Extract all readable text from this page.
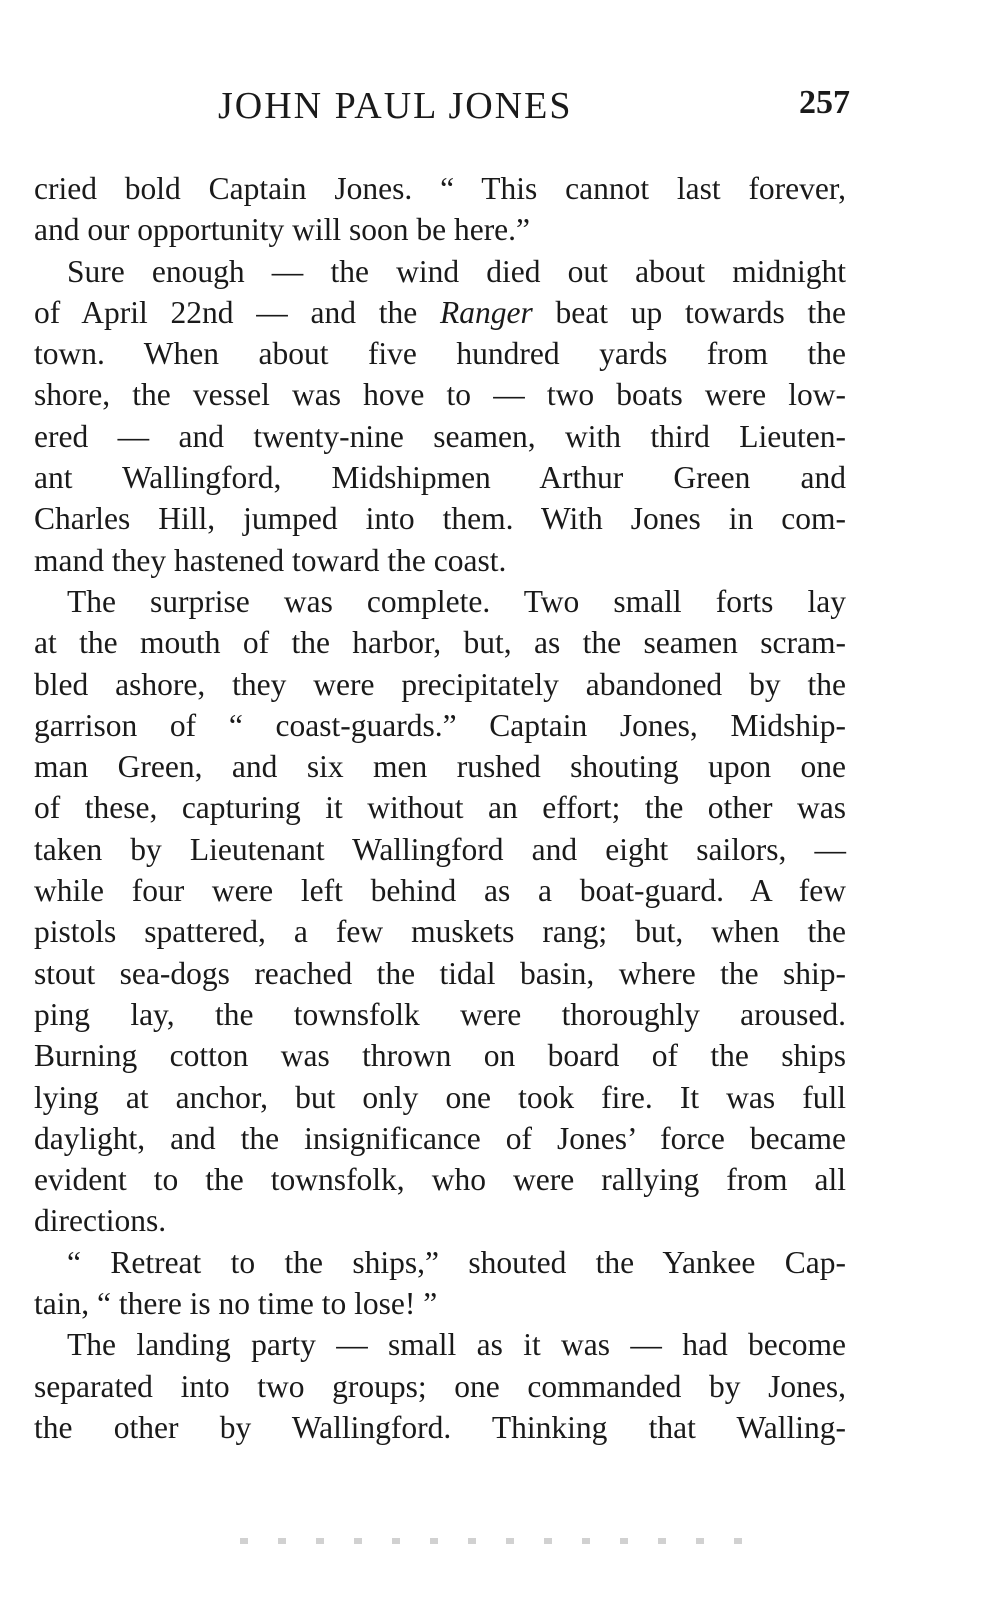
JOHN PAUL JONES	257
cried bold Captain Jones. “ This cannot last forever,
and our opportunity will soon be here.”
Sure enough — the wind died out about midnight
of April 22nd — and the Ranger beat up towards the
town. When about five hundred yards from the
shore, the vessel was hove to — two boats were low-
ered — and twenty-nine seamen, with third Lieuten-
ant Wallingford, Midshipmen Arthur Green and
Charles Hill, jumped into them. With Jones in com-
mand they hastened toward the coast.
The surprise was complete. Two small forts lay
at the mouth of the harbor, but, as the seamen scram-
bled ashore, they were precipitately abandoned by the
garrison of “ coast-guards.” Captain Jones, Midship-
man Green, and six men rushed shouting upon one
of these, capturing it without an effort; the other was
taken by Lieutenant Wallingford and eight sailors, —
while four were left behind as a boat-guard. A few
pistols spattered, a few muskets rang; but, when the
stout sea-dogs reached the tidal basin, where the ship-
ping lay, the townsfolk were thoroughly aroused.
Burning cotton was thrown on board of the ships
lying at anchor, but only one took fire. It was full
daylight, and the insignificance of Jones’ force became
evident to the townsfolk, who were rallying from all
directions.
“ Retreat to the ships,” shouted the Yankee Cap-
tain, “ there is no time to lose! ”
The landing party — small as it was — had become
separated into two groups; one commanded by Jones,
the other by Wallingford. Thinking that Walling-
